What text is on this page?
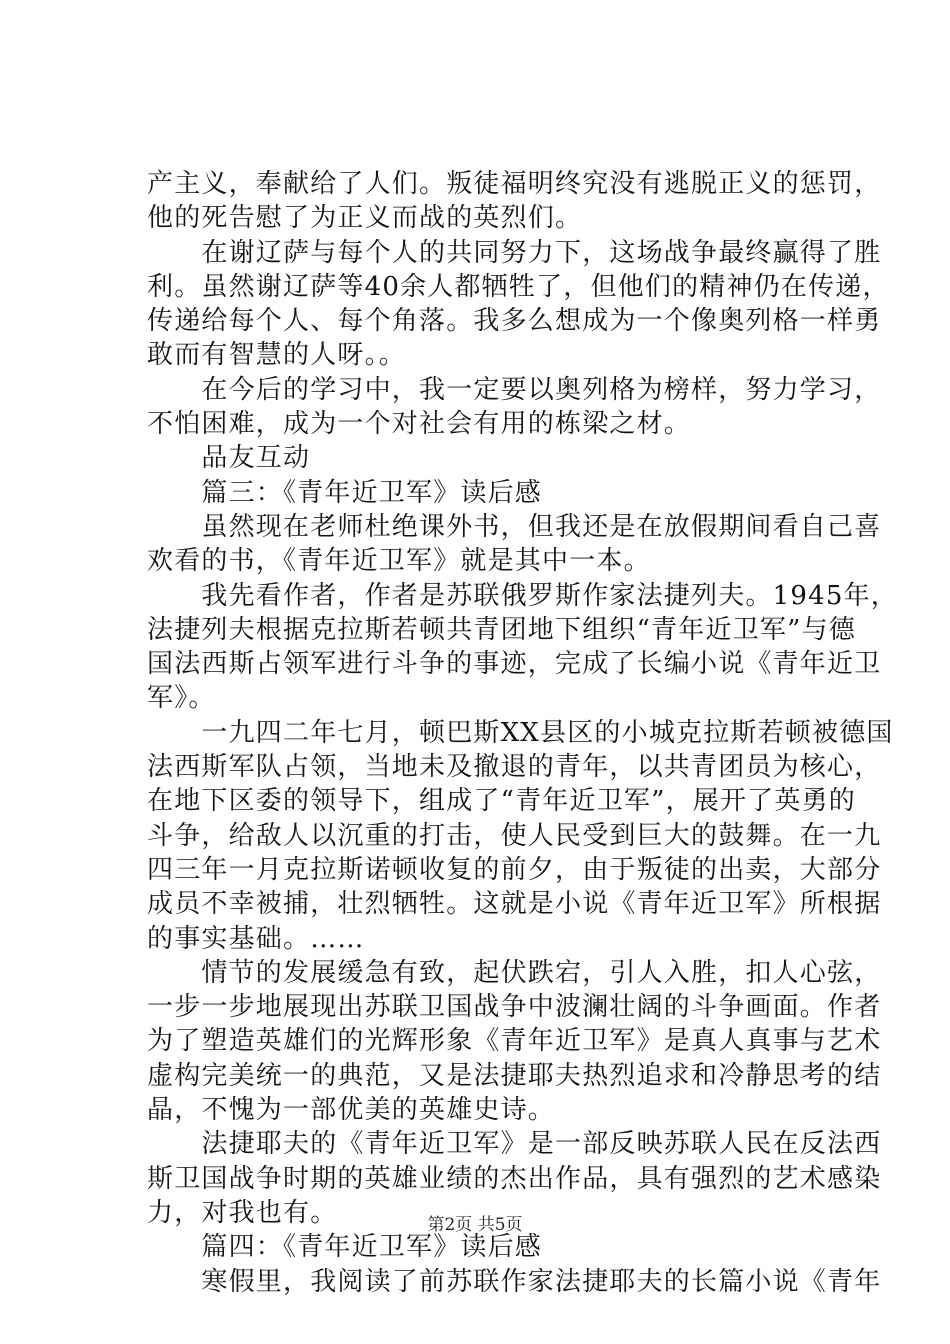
产主义，奉献给了人们。叛徒福明终究没有逃脱正义的惩罚，
他的死告慰了为正义而战的英烈们。
　　在谢辽萨与每个人的共同努力下，这场战争最终赢得了胜
利。虽然谢辽萨等40余人都牺牲了，但他们的精神仍在传递，
传递给每个人、每个角落。我多么想成为一个像奥列格一样勇
敢而有智慧的人呀。。
　　在今后的学习中，我一定要以奥列格为榜样，努力学习，
不怕困难，成为一个对社会有用的栋梁之材。
　　品友互动
　　篇三：《青年近卫军》读后感
　　虽然现在老师杜绝课外书，但我还是在放假期间看自己喜
欢看的书，《青年近卫军》就是其中一本。
　　我先看作者，作者是苏联俄罗斯作家法捷列夫。1945年，
法捷列夫根据克拉斯若顿共青团地下组织“青年近卫军”与德
国法西斯占领军进行斗争的事迹，完成了长编小说《青年近卫
军》。
　　一九四二年七月，顿巴斯XX县区的小城克拉斯若顿被德国
法西斯军队占领，当地未及撤退的青年，以共青团员为核心，
在地下区委的领导下，组成了“青年近卫军”，展开了英勇的
斗争，给敌人以沉重的打击，使人民受到巨大的鼓舞。在一九
四三年一月克拉斯诺顿收复的前夕，由于叛徒的出卖，大部分
成员不幸被捕，壮烈牺牲。这就是小说《青年近卫军》所根据
的事实基础。……
　　情节的发展缓急有致，起伏跌宕，引人入胜，扣人心弦，
一步一步地展现出苏联卫国战争中波澜壮阔的斗争画面。作者
为了塑造英雄们的光辉形象《青年近卫军》是真人真事与艺术
虚构完美统一的典范，又是法捷耶夫热烈追求和冷静思考的结
晶，不愧为一部优美的英雄史诗。
　　法捷耶夫的《青年近卫军》是一部反映苏联人民在反法西
斯卫国战争时期的英雄业绩的杰出作品，具有强烈的艺术感染
力，对我也有。
　　篇四：《青年近卫军》读后感
　　寒假里，我阅读了前苏联作家法捷耶夫的长篇小说《青年
第2页 共5页
